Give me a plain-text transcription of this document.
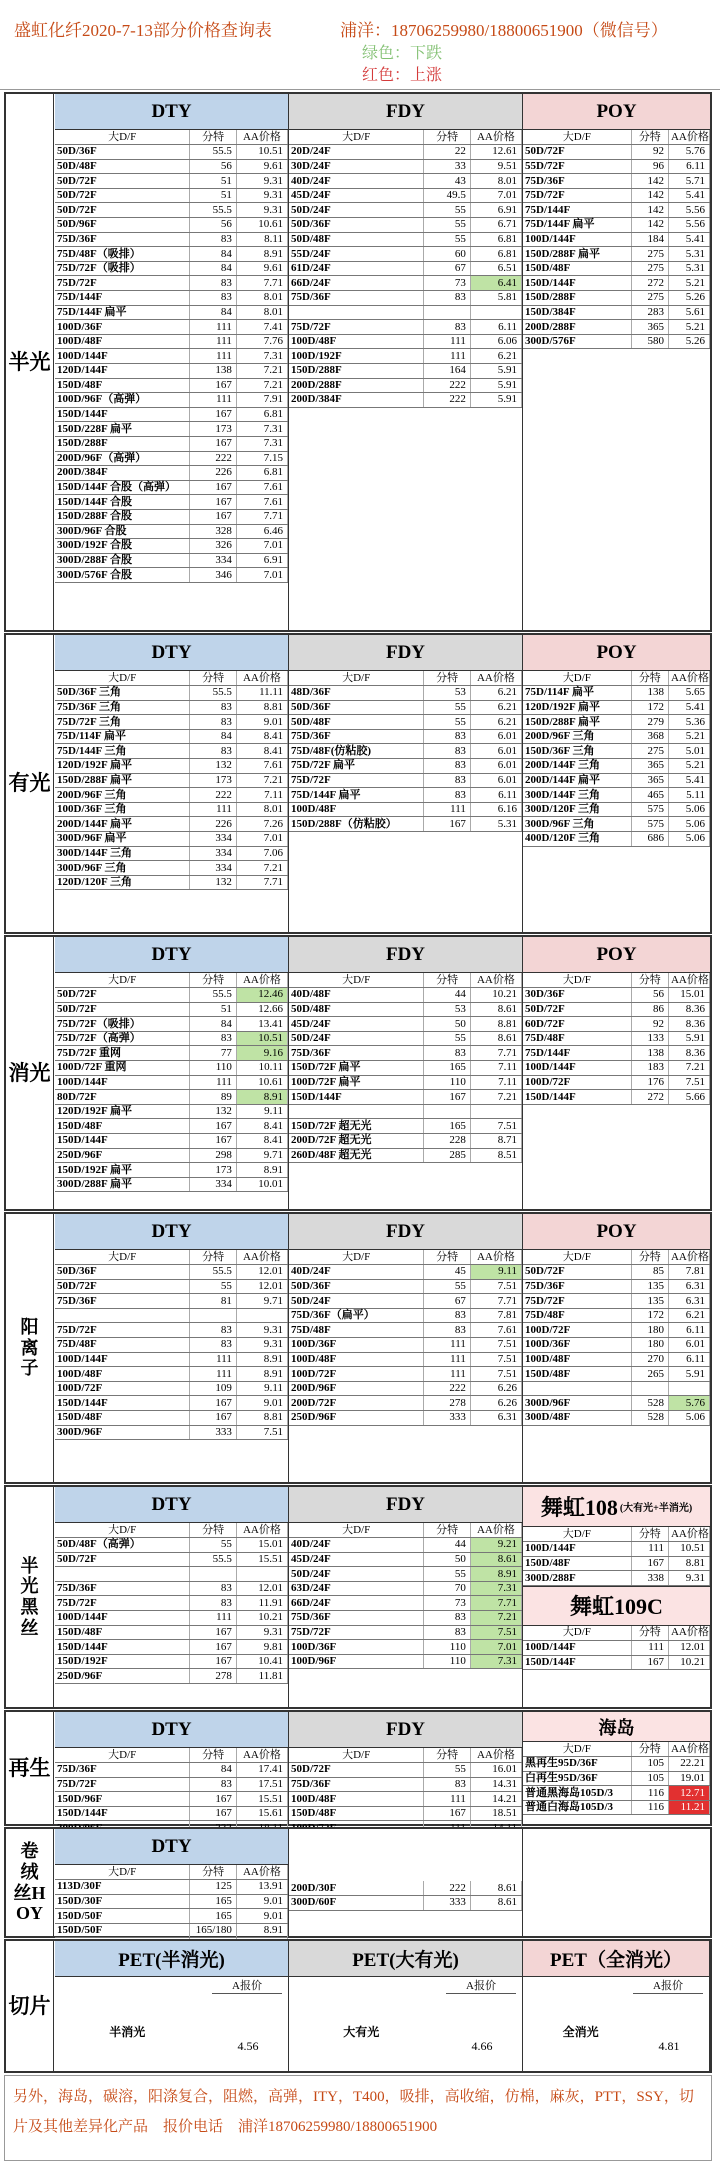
盛虹化纤2020-7-13部分价格查询表	浦洋：18706259980/18800651900（微信号）
绿色：下跌
红色：上涨
半光
DTY
大D/F	分特	AA价格
50D/36F	55.5	10.51
50D/48F	56	9.61
50D/72F	51	9.31
50D/72F	51	9.31
50D/72F	55.5	9.31
50D/96F	56	10.61
75D/36F	83	8.11
75D/48F（吸排）	84	8.91
75D/72F（吸排）	84	9.61
75D/72F	83	7.71
75D/144F	83	8.01
75D/144F 扁平	84	8.01
100D/36F	111	7.41
100D/48F	111	7.76
100D/144F	111	7.31
120D/144F	138	7.21
150D/48F	167	7.21
100D/96F（高弹）	111	7.91
150D/144F	167	6.81
150D/228F 扁平	173	7.31
150D/288F	167	7.31
200D/96F（高弹）	222	7.15
200D/384F	226	6.81
150D/144F 合股（高弹）	167	7.61
150D/144F 合股	167	7.61
150D/288F 合股	167	7.71
300D/96F 合股	328	6.46
300D/192F 合股	326	7.01
300D/288F 合股	334	6.91
300D/576F 合股	346	7.01
FDY
大D/F	分特	AA价格
20D/24F	22	12.61
30D/24F	33	9.51
40D/24F	43	8.01
45D/24F	49.5	7.01
50D/24F	55	6.91
50D/36F	55	6.71
50D/48F	55	6.81
55D/24F	60	6.81
61D/24F	67	6.51
66D/24F	73	6.41
75D/36F	83	5.81

75D/72F	83	6.11
100D/48F	111	6.06
100D/192F	111	6.21
150D/288F	164	5.91
200D/288F	222	5.91
200D/384F	222	5.91
POY
大D/F	分特	AA价格
50D/72F	92	5.76
55D/72F	96	6.11
75D/36F	142	5.71
75D/72F	142	5.41
75D/144F	142	5.56
75D/144F 扁平	142	5.56
100D/144F	184	5.41
150D/288F 扁平	275	5.31
150D/48F	275	5.31
150D/144F	272	5.21
150D/288F	275	5.26
150D/384F	283	5.61
200D/288F	365	5.21
300D/576F	580	5.26
有光
DTY
大D/F	分特	AA价格
50D/36F 三角	55.5	11.11
75D/36F 三角	83	8.81
75D/72F 三角	83	9.01
75D/114F 扁平	84	8.41
75D/144F 三角	83	8.41
120D/192F 扁平	132	7.61
150D/288F 扁平	173	7.21
200D/96F 三角	222	7.11
100D/36F 三角	111	8.01
200D/144F 扁平	226	7.26
300D/96F 扁平	334	7.01
300D/144F 三角	334	7.06
300D/96F 三角	334	7.21
120D/120F 三角	132	7.71
FDY
大D/F	分特	AA价格
48D/36F	53	6.21
50D/36F	55	6.21
50D/48F	55	6.21
75D/36F	83	6.01
75D/48F(仿粘胶)	83	6.01
75D/72F 扁平	83	6.01
75D/72F	83	6.01
75D/144F 扁平	83	6.11
100D/48F	111	6.16
150D/288F（仿粘胶）	167	5.31
POY
大D/F	分特	AA价格
75D/114F 扁平	138	5.65
120D/192F 扁平	172	5.41
150D/288F 扁平	279	5.36
200D/96F 三角	368	5.21
150D/36F 三角	275	5.01
200D/144F 三角	365	5.21
200D/144F 扁平	365	5.41
300D/144F 三角	465	5.11
300D/120F 三角	575	5.06
300D/96F 三角	575	5.06
400D/120F 三角	686	5.06
消光
DTY
大D/F	分特	AA价格
50D/72F	55.5	12.46
50D/72F	51	12.66
75D/72F（吸排）	84	13.41
75D/72F（高弹）	83	10.51
75D/72F 重网	77	9.16
100D/72F 重网	110	10.11
100D/144F	111	10.61
80D/72F	89	8.91
120D/192F 扁平	132	9.11
150D/48F	167	8.41
150D/144F	167	8.41
250D/96F	298	9.71
150D/192F 扁平	173	8.91
300D/288F 扁平	334	10.01
FDY
大D/F	分特	AA价格
40D/48F	44	10.21
50D/48F	53	8.61
45D/24F	50	8.81
50D/24F	55	8.61
75D/36F	83	7.71
150D/72F 扁平	165	7.11
100D/72F 扁平	110	7.11
150D/144F	167	7.21

150D/72F 超无光	165	7.51
200D/72F 超无光	228	8.71
260D/48F 超无光	285	8.51
POY
大D/F	分特	AA价格
30D/36F	56	15.01
50D/72F	86	8.36
60D/72F	92	8.36
75D/48F	133	5.91
75D/144F	138	8.36
100D/144F	183	7.21
100D/72F	176	7.51
150D/144F	272	5.66
阳离子
DTY
大D/F	分特	AA价格
50D/36F	55.5	12.01
50D/72F	55	12.01
75D/36F	81	9.71

75D/72F	83	9.31
75D/48F	83	9.31
100D/144F	111	8.91
100D/48F	111	8.91
100D/72F	109	9.11
150D/144F	167	9.01
150D/48F	167	8.81
300D/96F	333	7.51
FDY
大D/F	分特	AA价格
40D/24F	45	9.11
50D/36F	55	7.51
50D/24F	67	7.71
75D/36F（扁平）	83	7.81
75D/48F	83	7.61
100D/36F	111	7.51
100D/48F	111	7.51
100D/72F	111	7.51
200D/96F	222	6.26
200D/72F	278	6.26
250D/96F	333	6.31
POY
大D/F	分特	AA价格
50D/72F	85	7.81
75D/36F	135	6.31
75D/72F	135	6.31
75D/48F	172	6.21
100D/72F	180	6.11
100D/36F	180	6.01
100D/48F	270	6.11
150D/48F	265	5.91

300D/96F	528	5.76
300D/48F	528	5.06
半光黑丝
DTY
大D/F	分特	AA价格
50D/48F（高弹）	55	15.01
50D/72F	55.5	15.51

75D/36F	83	12.01
75D/72F	83	11.91
100D/144F	111	10.21
150D/48F	167	9.31
150D/144F	167	9.81
150D/192F	167	10.41
250D/96F	278	11.81
FDY
大D/F	分特	AA价格
40D/24F	44	9.21
45D/24F	50	8.61
50D/24F	55	8.91
63D/24F	70	7.31
66D/24F	73	7.71
75D/36F	83	7.21
75D/72F	83	7.51
100D/36F	110	7.01
100D/96F	110	7.31
舞虹108 (大有光+半消光)
大D/F	分特	AA价格
100D/144F	111	10.51
150D/48F	167	8.81
300D/288F	338	9.31
舞虹109C
大D/F	分特	AA价格
100D/144F	111	12.01
150D/144F	167	10.21
再生
DTY
大D/F	分特	AA价格
75D/36F	84	17.41
75D/72F	83	17.51
150D/96F	167	15.51
150D/144F	167	15.61

FDY
大D/F	分特	AA价格
50D/72F	55	16.01
75D/36F	83	14.31
100D/48F	111	14.21
150D/48F	167	18.51

海岛
大D/F	分特	AA价格
黑再生95D/36F	105	22.21
白再生95D/36F	105	19.01
普通黑海岛105D/3	116	12.71
普通白海岛105D/3	116	11.21
卷绒丝HOY
DTY
大D/F	分特	AA价格
113D/30F	125	13.91
150D/30F	165	9.01
150D/50F	165	9.01
150D/50F	165/180	8.91

200D/30F	222	8.61
300D/60F	333	8.61
切片
PET(半消光)
A报价
半消光
4.56
PET(大有光)
A报价
大有光
4.66
PET（全消光）
A报价
全消光
4.81
另外，海岛，碳溶，阳涤复合，阻燃，高弹，ITY，T400，吸排，高收缩，仿棉，麻灰，PTT，SSY，切片及其他差异化产品　报价电话　浦洋18706259980/18800651900
